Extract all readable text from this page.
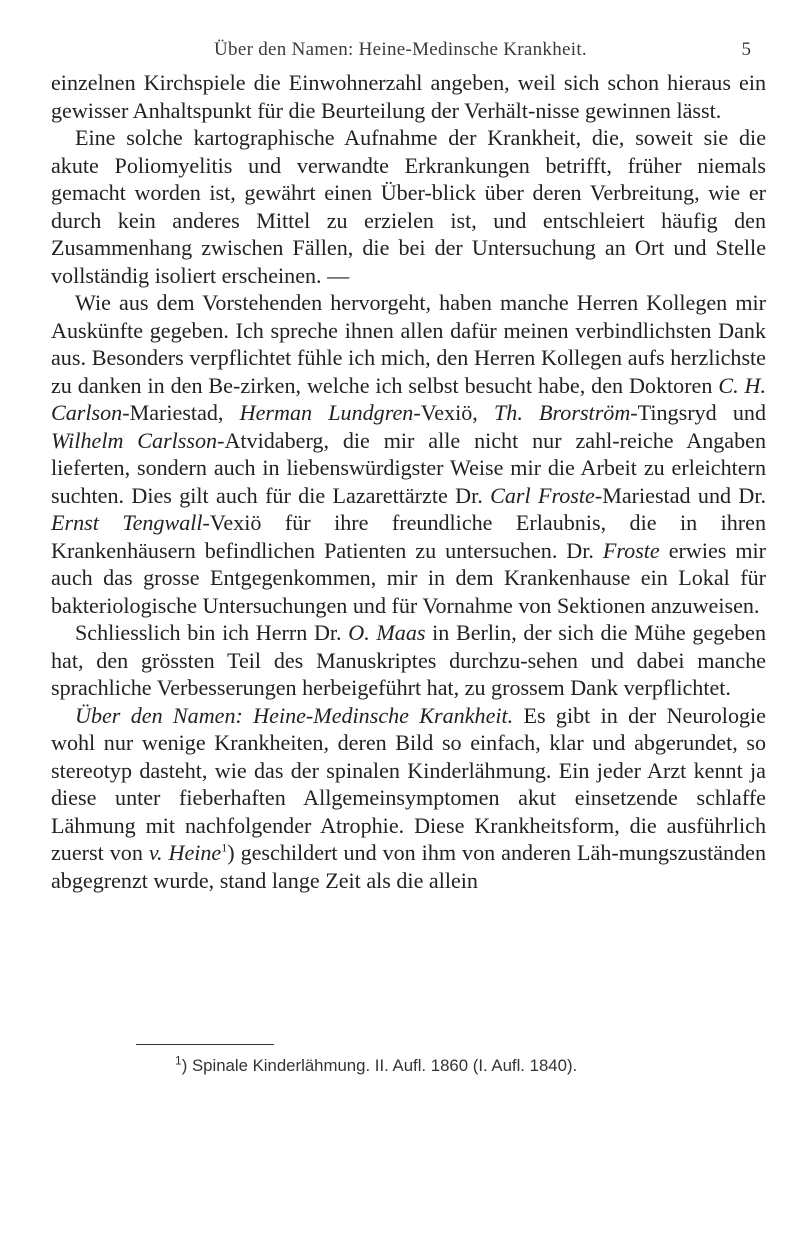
Über den Namen: Heine-Medinsche Krankheit.	5

einzelnen Kirchspiele die Einwohnerzahl angeben, weil sich schon hieraus ein gewisser Anhaltspunkt für die Beurteilung der Verhält-nisse gewinnen lässt.

Eine solche kartographische Aufnahme der Krankheit, die, soweit sie die akute Poliomyelitis und verwandte Erkrankungen betrifft, früher niemals gemacht worden ist, gewährt einen Über-blick über deren Verbreitung, wie er durch kein anderes Mittel zu erzielen ist, und entschleiert häufig den Zusammenhang zwischen Fällen, die bei der Untersuchung an Ort und Stelle vollständig isoliert erscheinen. —

Wie aus dem Vorstehenden hervorgeht, haben manche Herren Kollegen mir Auskünfte gegeben. Ich spreche ihnen allen dafür meinen verbindlichsten Dank aus. Besonders verpflichtet fühle ich mich, den Herren Kollegen aufs herzlichste zu danken in den Be-zirken, welche ich selbst besucht habe, den Doktoren C. H. Carlson-Mariestad, Herman Lundgren-Vexiö, Th. Brorström-Tingsryd und Wilhelm Carlsson-Atvidaberg, die mir alle nicht nur zahl-reiche Angaben lieferten, sondern auch in liebenswürdigster Weise mir die Arbeit zu erleichtern suchten. Dies gilt auch für die Lazarettärzte Dr. Carl Froste-Mariestad und Dr. Ernst Tengwall-Vexiö für ihre freundliche Erlaubnis, die in ihren Krankenhäusern befindlichen Patienten zu untersuchen. Dr. Froste erwies mir auch das grosse Entgegenkommen, mir in dem Krankenhause ein Lokal für bakteriologische Untersuchungen und für Vornahme von Sektionen anzuweisen.

Schliesslich bin ich Herrn Dr. O. Maas in Berlin, der sich die Mühe gegeben hat, den grössten Teil des Manuskriptes durchzu-sehen und dabei manche sprachliche Verbesserungen herbeigeführt hat, zu grossem Dank verpflichtet.

Über den Namen: Heine-Medinsche Krankheit. Es gibt in der Neurologie wohl nur wenige Krankheiten, deren Bild so einfach, klar und abgerundet, so stereotyp dasteht, wie das der spinalen Kinderlähmung. Ein jeder Arzt kennt ja diese unter fieberhaften Allgemeinsymptomen akut einsetzende schlaffe Lähmung mit nachfolgender Atrophie. Diese Krankheitsform, die ausführlich zuerst von v. Heine$^1$) geschildert und von ihm von anderen Läh-mungszuständen abgegrenzt wurde, stand lange Zeit als die allein

$^1$) Spinale Kinderlähmung. II. Aufl. 1860 (I. Aufl. 1840).
